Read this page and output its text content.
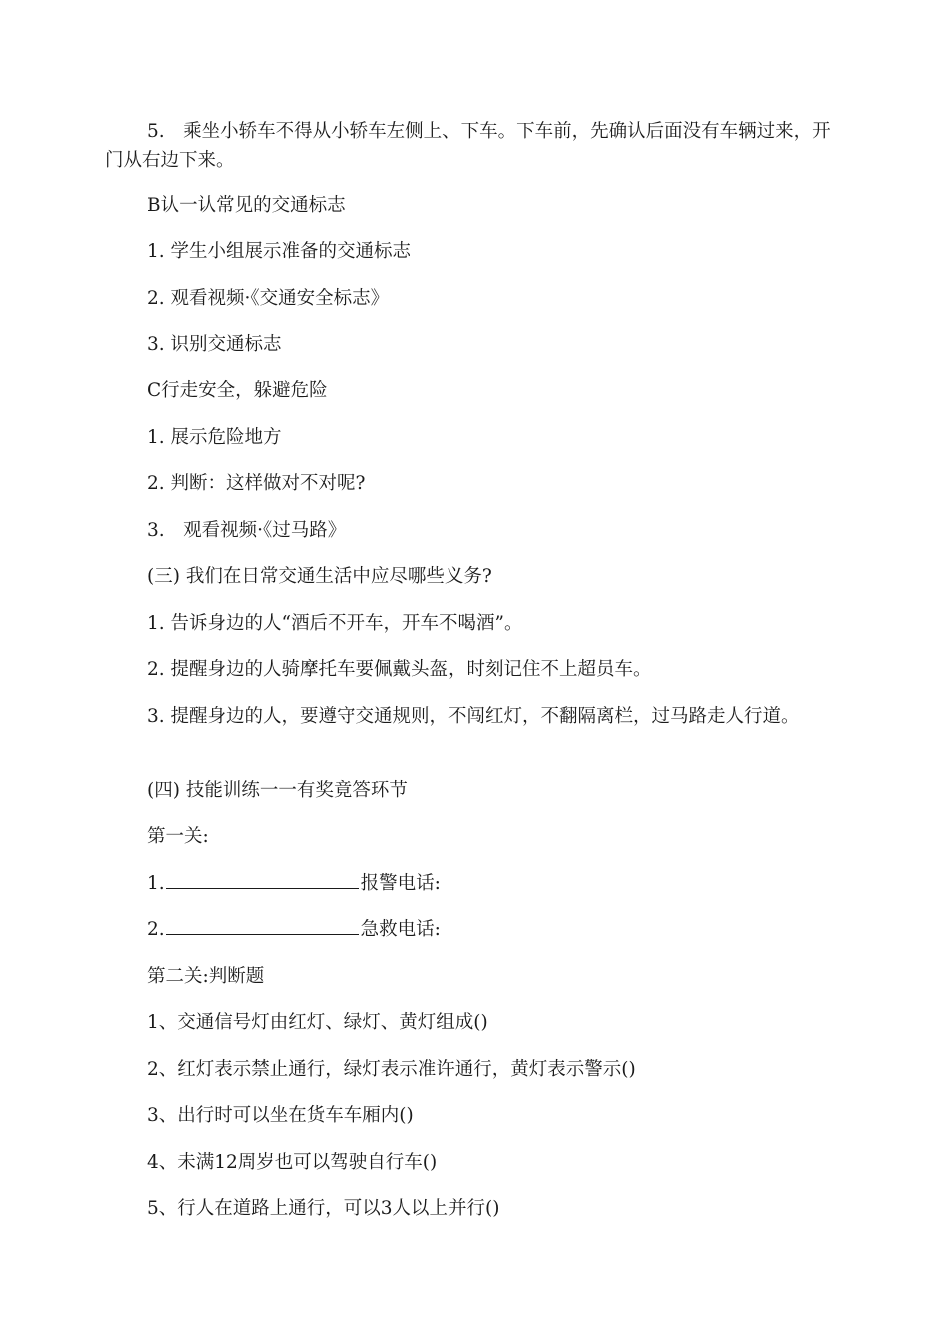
5.　乘坐小轿车不得从小轿车左侧上、下车。下车前，先确认后面没有车辆过来，开门从右边下来。

B认一认常见的交通标志

1. 学生小组展示准备的交通标志

2. 观看视频·《交通安全标志》

3. 识别交通标志

C行走安全，躲避危险

1. 展示危险地方

2. 判断：这样做对不对呢?

3.　观看视频·《过马路》

(三) 我们在日常交通生活中应尽哪些义务?

1. 告诉身边的人“酒后不开车，开车不喝酒”。

2. 提醒身边的人骑摩托车要佩戴头盔，时刻记住不上超员车。

3. 提醒身边的人，要遵守交通规则，不闯红灯，不翻隔离栏，过马路走人行道。

(四) 技能训练一一有奖竟答环节

第一关:

1.	报警电话:

2.	急救电话:

第二关:判断题

1、交通信号灯由红灯、绿灯、黄灯组成()

2、红灯表示禁止通行，绿灯表示准许通行，黄灯表示警示()

3、出行时可以坐在货车车厢内()

4、未满12周岁也可以驾驶自行车()

5、行人在道路上通行，可以3人以上并行()
